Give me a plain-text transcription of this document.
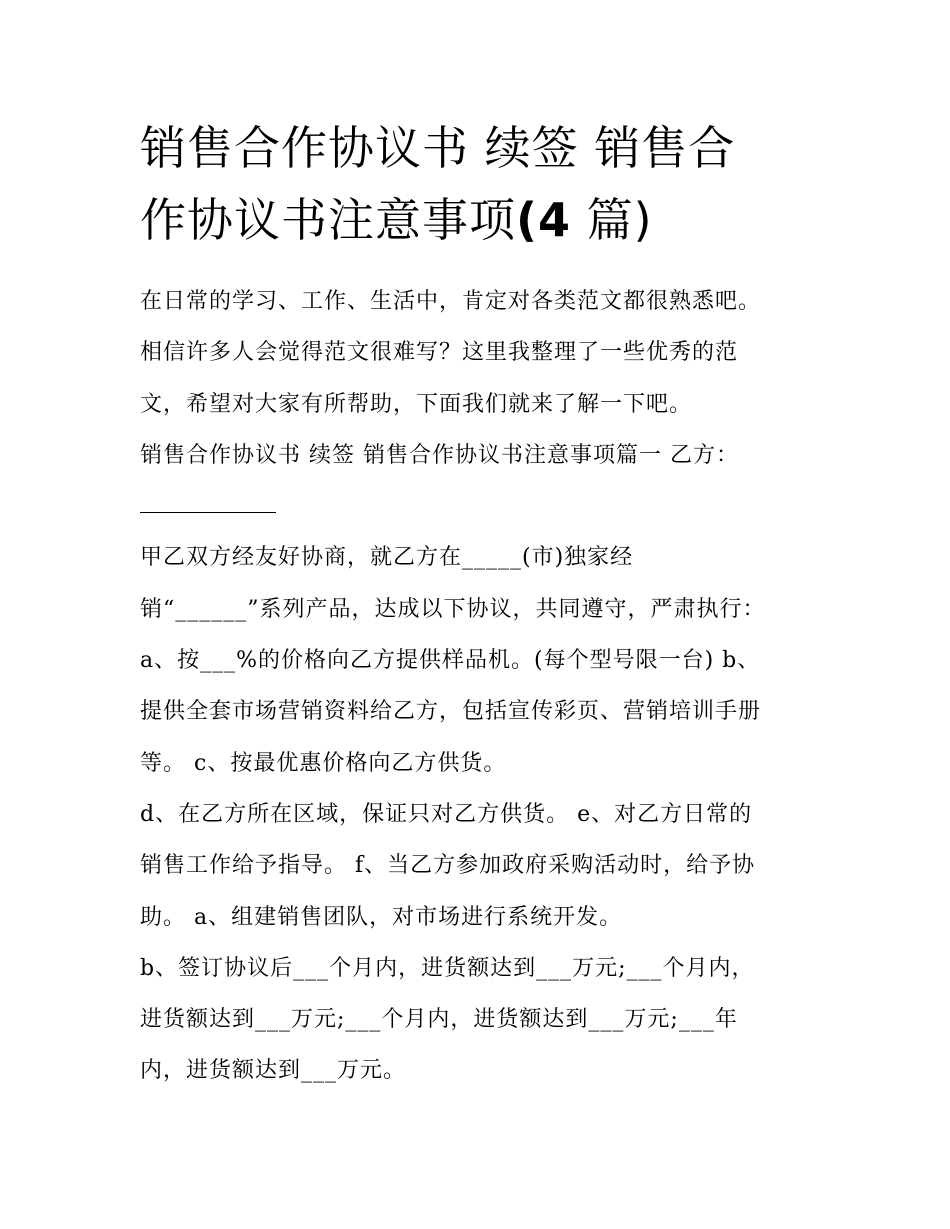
销售合作协议书 续签 销售合
作协议书注意事项(4 篇)
在日常的学习、工作、生活中，肯定对各类范文都很熟悉吧。
相信许多人会觉得范文很难写？这里我整理了一些优秀的范
文，希望对大家有所帮助，下面我们就来了解一下吧。
销售合作协议书 续签 销售合作协议书注意事项篇一 乙方：
甲乙双方经友好协商，就乙方在_____(市)独家经
销“______”系列产品，达成以下协议，共同遵守，严肃执行：
a、按___%的价格向乙方提供样品机。(每个型号限一台) b、
提供全套市场营销资料给乙方，包括宣传彩页、营销培训手册
等。 c、按最优惠价格向乙方供货。
d、在乙方所在区域，保证只对乙方供货。 e、对乙方日常的
销售工作给予指导。 f、当乙方参加政府采购活动时，给予协
助。 a、组建销售团队，对市场进行系统开发。
b、签订协议后___个月内，进货额达到___万元;___个月内，
进货额达到___万元;___个月内，进货额达到___万元;___年
内，进货额达到___万元。
